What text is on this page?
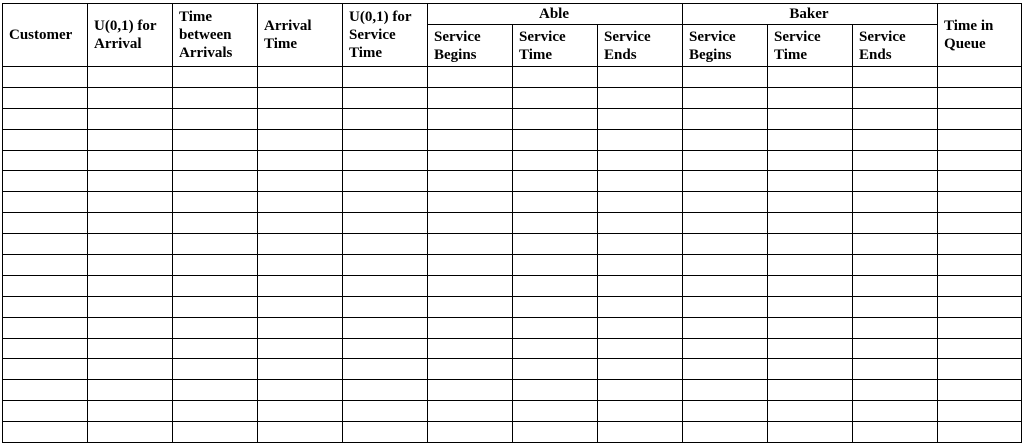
Customer	U(0,1) for Arrival	Time between Arrivals	Arrival Time	U(0,1) for Service Time	Able			Baker			Time in Queue
					Service Begins	Service Time	Service Ends	Service Begins	Service Time	Service Ends	
